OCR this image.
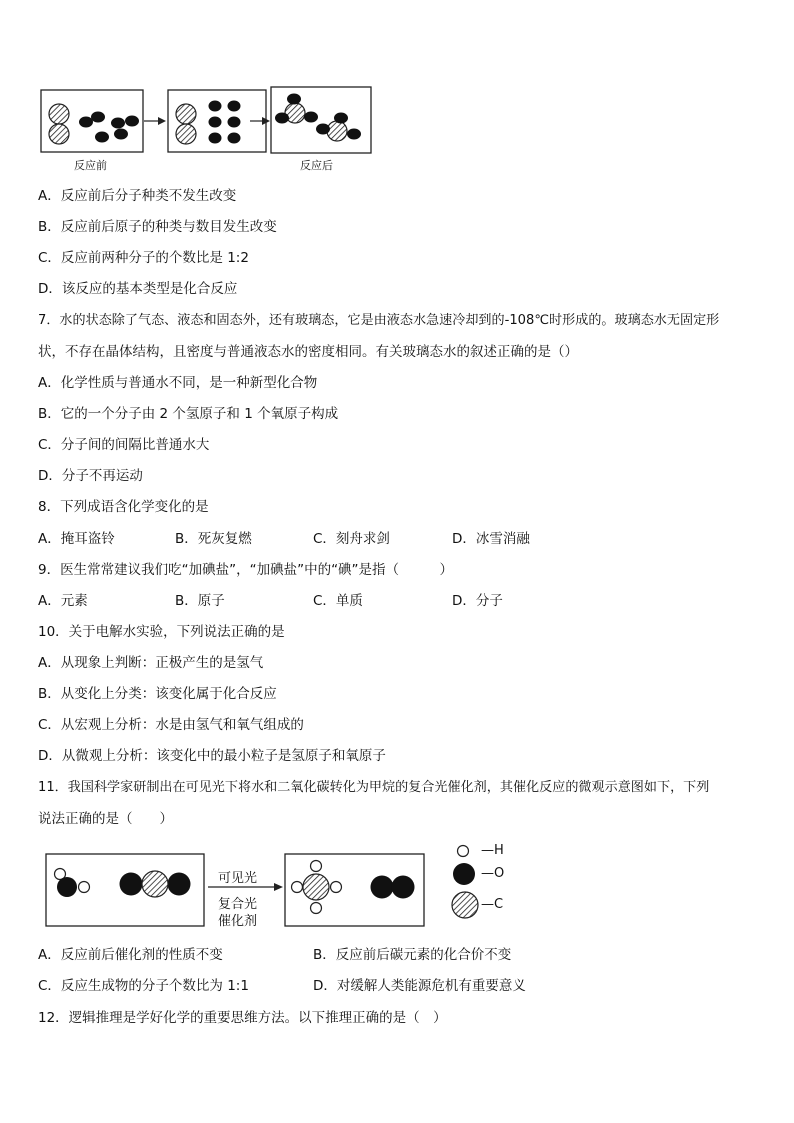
反应前	反应后
A．反应前后分子种类不发生改变
B．反应前后原子的种类与数目发生改变
C．反应前两种分子的个数比是 1:2
D．该反应的基本类型是化合反应
7．水的状态除了气态、液态和固态外，还有玻璃态，它是由液态水急速冷却到的-108℃时形成的。玻璃态水无固定形
状，不存在晶体结构，且密度与普通液态水的密度相同。有关玻璃态水的叙述正确的是（）
A．化学性质与普通水不同，是一种新型化合物
B．它的一个分子由 2 个氢原子和 1 个氧原子构成
C．分子间的间隔比普通水大
D．分子不再运动
8．下列成语含化学变化的是
A．掩耳盗铃	B．死灰复燃	C．刻舟求剑	D．冰雪消融
9．医生常常建议我们吃“加碘盐”，“加碘盐”中的“碘”是指（　　　）
A．元素	B．原子	C．单质	D．分子
10．关于电解水实验，下列说法正确的是
A．从现象上判断：正极产生的是氢气
B．从变化上分类：该变化属于化合反应
C．从宏观上分析：水是由氢气和氧气组成的
D．从微观上分析：该变化中的最小粒子是氢原子和氧原子
11．我国科学家研制出在可见光下将水和二氧化碳转化为甲烷的复合光催化剂，其催化反应的微观示意图如下，下列
说法正确的是（　　）
可见光
复合光
催化剂
—H
—O
—C
A．反应前后催化剂的性质不变	B．反应前后碳元素的化合价不变
C．反应生成物的分子个数比为 1:1	D．对缓解人类能源危机有重要意义
12．逻辑推理是学好化学的重要思维方法。以下推理正确的是（　）
